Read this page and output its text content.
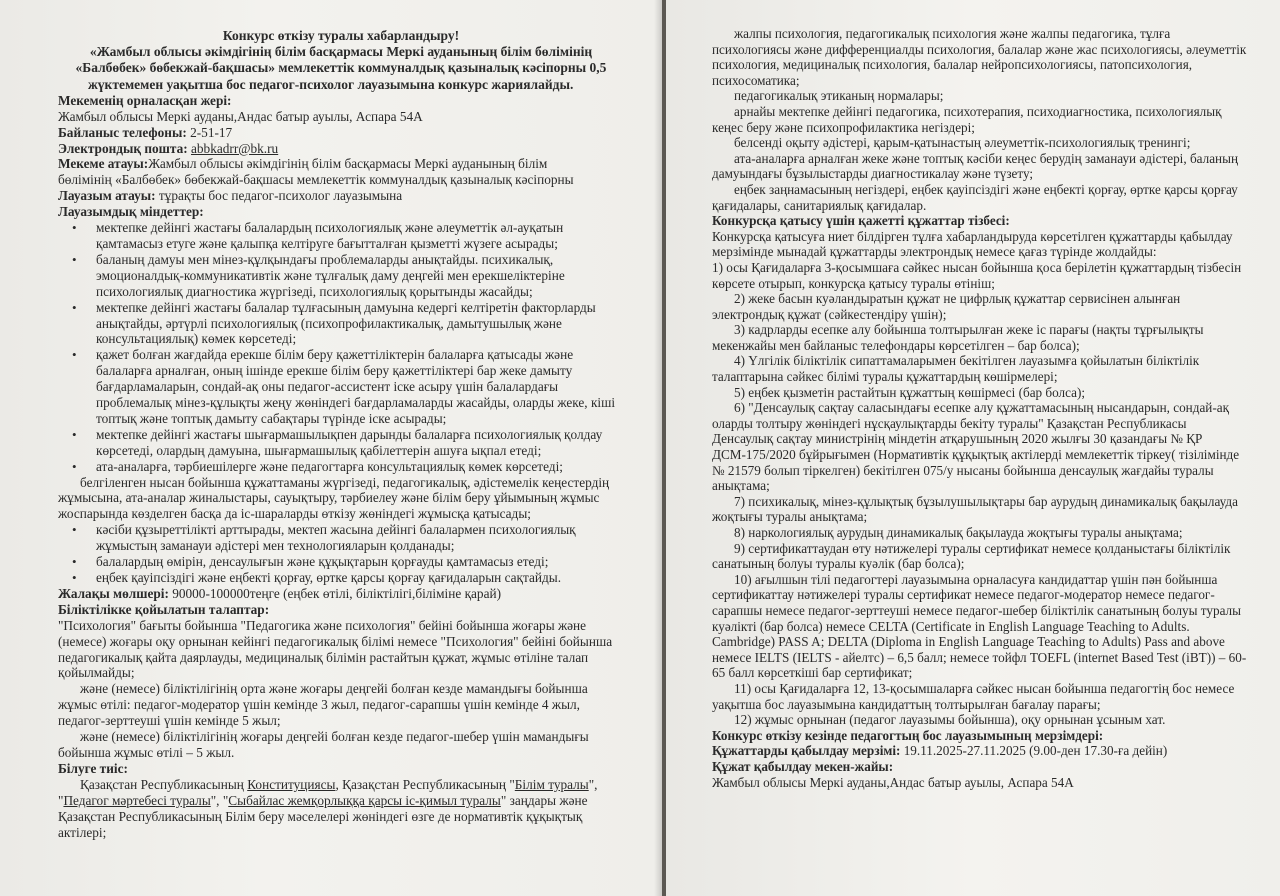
Конкурс өткізу туралы хабарландыру!

«Жамбыл облысы әкімдігінің білім басқармасы Меркі ауданының білім бөлімінің

«Балбөбек» бөбекжай-бақшасы» мемлекеттік коммуналдық қазыналық кәсіпорны 0,5

жүктемемен уақытша бос педагог-психолог лауазымына конкурс жариялайды.

Мекеменің орналасқан жері:

Жамбыл облысы Меркі ауданы,Андас батыр ауылы, Аспара 54А

Байланыс телефоны: 2-51-17

Электрондық пошта: abbkadrr@bk.ru

Мекеме атауы:Жамбыл облысы әкімдігінің білім басқармасы Меркі ауданының білім

бөлімінің «Балбөбек» бөбекжай-бақшасы мемлекеттік коммуналдық қазыналық кәсіпорны

Лауазым атауы: тұрақты бос педагог-психолог лауазымына

Лауазымдық міндеттер:

• мектепке дейінгі жастағы балалардың психологиялық және әлеуметтік әл-ауқатын қамтамасыз етуге және қалыпқа келтіруге бағытталған қызметті жүзеге асырады;
• баланың дамуы мен мінез-құлқындағы проблемаларды анықтайды. психикалық, эмоционалдық-коммуникативтік және тұлғалық даму деңгейі мен ерекшеліктеріне психологиялық диагностика жүргізеді, психологиялық қорытынды жасайды;
• мектепке дейінгі жастағы балалар тұлғасының дамуына кедергі келтіретін факторларды анықтайды, әртүрлі психологиялық (психопрофилактикалық, дамытушылық және консультациялық) көмек көрсетеді;
• қажет болған жағдайда ерекше білім беру қажеттіліктерін балаларға қатысады және балаларға арналған, оның ішінде ерекше білім беру қажеттіліктері бар жеке дамыту бағдарламаларын, сондай-ақ оны педагог-ассистент іске асыру үшін балалардағы проблемалық мінез-құлықты жеңу жөніндегі бағдарламаларды жасайды, оларды жеке, кіші топтық және топтық дамыту сабақтары түрінде іске асырады;
• мектепке дейінгі жастағы шығармашылықпен дарынды балаларға психологиялық қолдау көрсетеді, олардың дамуына, шығармашылық қабілеттерін ашуға ықпал етеді;
• ата-аналарға, тәрбиешілерге және педагогтарға консультациялық көмек көрсетеді;

белгіленген нысан бойынша құжаттаманы жүргізеді, педагогикалық, әдістемелік кеңестердің жұмысына, ата-аналар жиналыстары, сауықтыру, тәрбиелеу және білім беру ұйымының жұмыс жоспарында көзделген басқа да іс-шараларды өткізу жөніндегі жұмысқа қатысады;

• кәсіби құзыреттілікті арттырады, мектеп жасына дейінгі балалармен психологиялық жұмыстың заманауи әдістері мен технологияларын қолданады;
• балалардың өмірін, денсаулығын және құқықтарын қорғауды қамтамасыз етеді;
• еңбек қауіпсіздігі және еңбекті қорғау, өртке қарсы қорғау қағидаларын сақтайды.

Жалақы мөлшері: 90000-100000теңге (еңбек өтілі, біліктілігі,біліміне қарай)

Біліктілікке қойылатын талаптар:

"Психология" бағыты бойынша "Педагогика және психология" бейіні бойынша жоғары және (немесе) жоғары оқу орнынан кейінгі педагогикалық білімі немесе "Психология" бейіні бойынша педагогикалық қайта даярлауды, медициналық білімін растайтын құжат, жұмыс өтіліне талап қойылмайды;

және (немесе) біліктілігінің орта және жоғары деңгейі болған кезде мамандығы бойынша жұмыс өтілі: педагог-модератор үшін кемінде 3 жыл, педагог-сарапшы үшін кемінде 4 жыл, педагог-зерттеуші үшін кемінде 5 жыл;

және (немесе) біліктілігінің жоғары деңгейі болған кезде педагог-шебер үшін мамандығы бойынша жұмыс өтілі – 5 жыл.

Білуге тиіс:

Қазақстан Республикасының Конституциясы, Қазақстан Республикасының "Білім туралы", "Педагог мәртебесі туралы", "Сыбайлас жемқорлыққа қарсы іс-қимыл туралы" заңдары және Қазақстан Республикасының Білім беру мәселелері жөніндегі өзге де нормативтік құқықтық актілері;

жалпы психология, педагогикалық психология және жалпы педагогика, тұлға психологиясы және дифференциалды психология, балалар және жас психологиясы, әлеуметтік психология, медициналық психология, балалар нейропсихологиясы, патопсихология, психосоматика;

педагогикалық этиканың нормалары;

арнайы мектепке дейінгі педагогика, психотерапия, психодиагностика, психологиялық кеңес беру және психопрофилактика негіздері;

белсенді оқыту әдістері, қарым-қатынастың әлеуметтік-психологиялық тренингі;

ата-аналарға арналған жеке және топтық кәсіби кеңес берудің заманауи әдістері, баланың дамуындағы бұзылыстарды диагностикалау және түзету;

еңбек заңнамасының негіздері, еңбек қауіпсіздігі және еңбекті қорғау, өртке қарсы қорғау қағидалары, санитариялық қағидалар.

Конкурсқа қатысу үшін қажетті құжаттар тізбесі:

Конкурсқа қатысуға ниет білдірген тұлға хабарландыруда көрсетілген құжаттарды қабылдау мерзімінде мынадай құжаттарды электрондық немесе қағаз түрінде жолдайды:

1) осы Қағидаларға 3-қосымшаға сәйкес нысан бойынша қоса берілетін құжаттардың тізбесін көрсете отырып, конкурсқа қатысу туралы өтініш;

2) жеке басын куәландыратын құжат не цифрлық құжаттар сервисінен алынған электрондық құжат (сәйкестендіру үшін);

3) кадрларды есепке алу бойынша толтырылған жеке іс парағы (нақты тұрғылықты мекенжайы мен байланыс телефондары көрсетілген – бар болса);

4) Үлгілік біліктілік сипаттамаларымен бекітілген лауазымға қойылатын біліктілік талаптарына сәйкес білімі туралы құжаттардың көшірмелері;

5) еңбек қызметін растайтын құжаттың көшірмесі (бар болса);

6) "Денсаулық сақтау саласындағы есепке алу құжаттамасының нысандарын, сондай-ақ оларды толтыру жөніндегі нұсқаулықтарды бекіту туралы" Қазақстан Республикасы Денсаулық сақтау министрінің міндетін атқарушының 2020 жылғы 30 қазандағы № ҚР ДСМ-175/2020 бұйрығымен (Нормативтік құқықтық актілерді мемлекеттік тіркеу( тізілімінде № 21579 болып тіркелген) бекітілген 075/у нысаны бойынша денсаулық жағдайы туралы анықтама;

7) психикалық, мінез-құлықтық бұзылушылықтары бар аурудың динамикалық бақылауда жоқтығы туралы анықтама;

8) наркологиялық аурудың динамикалық бақылауда жоқтығы туралы анықтама;

9) сертификаттаудан өту нәтижелері туралы сертификат немесе қолданыстағы біліктілік санатының болуы туралы куәлік (бар болса);

10) ағылшын тілі педагогтері лауазымына орналасуға кандидаттар үшін пән бойынша сертификаттау нәтижелері туралы сертификат немесе педагог-модератор немесе педагог-сарапшы немесе педагог-зерттеуші немесе педагог-шебер біліктілік санатының болуы туралы куәлікті (бар болса) немесе CELTA (Certificate in English Language Teaching to Adults. Cambridge) PASS A; DELTA (Diploma in English Language Teaching to Adults) Pass and above немесе IELTS (IELTS - айелтс) – 6,5 балл; немесе тойфл TOEFL (internet Based Test (iBT)) – 60-65 балл көрсеткіші бар сертификат;

11) осы Қағидаларға 12, 13-қосымшаларға сәйкес нысан бойынша педагогтің бос немесе уақытша бос лауазымына кандидаттың толтырылған бағалау парағы;

12) жұмыс орнынан (педагог лауазымы бойынша), оқу орнынан ұсыным хат.

Конкурс өткізу кезінде педагогтың бос лауазымының мерзімдері:

Құжаттарды қабылдау мерзімі: 19.11.2025-27.11.2025 (9.00-ден 17.30-ға дейін)

Құжат қабылдау мекен-жайы:

Жамбыл облысы Меркі ауданы,Андас батыр ауылы, Аспара 54А
